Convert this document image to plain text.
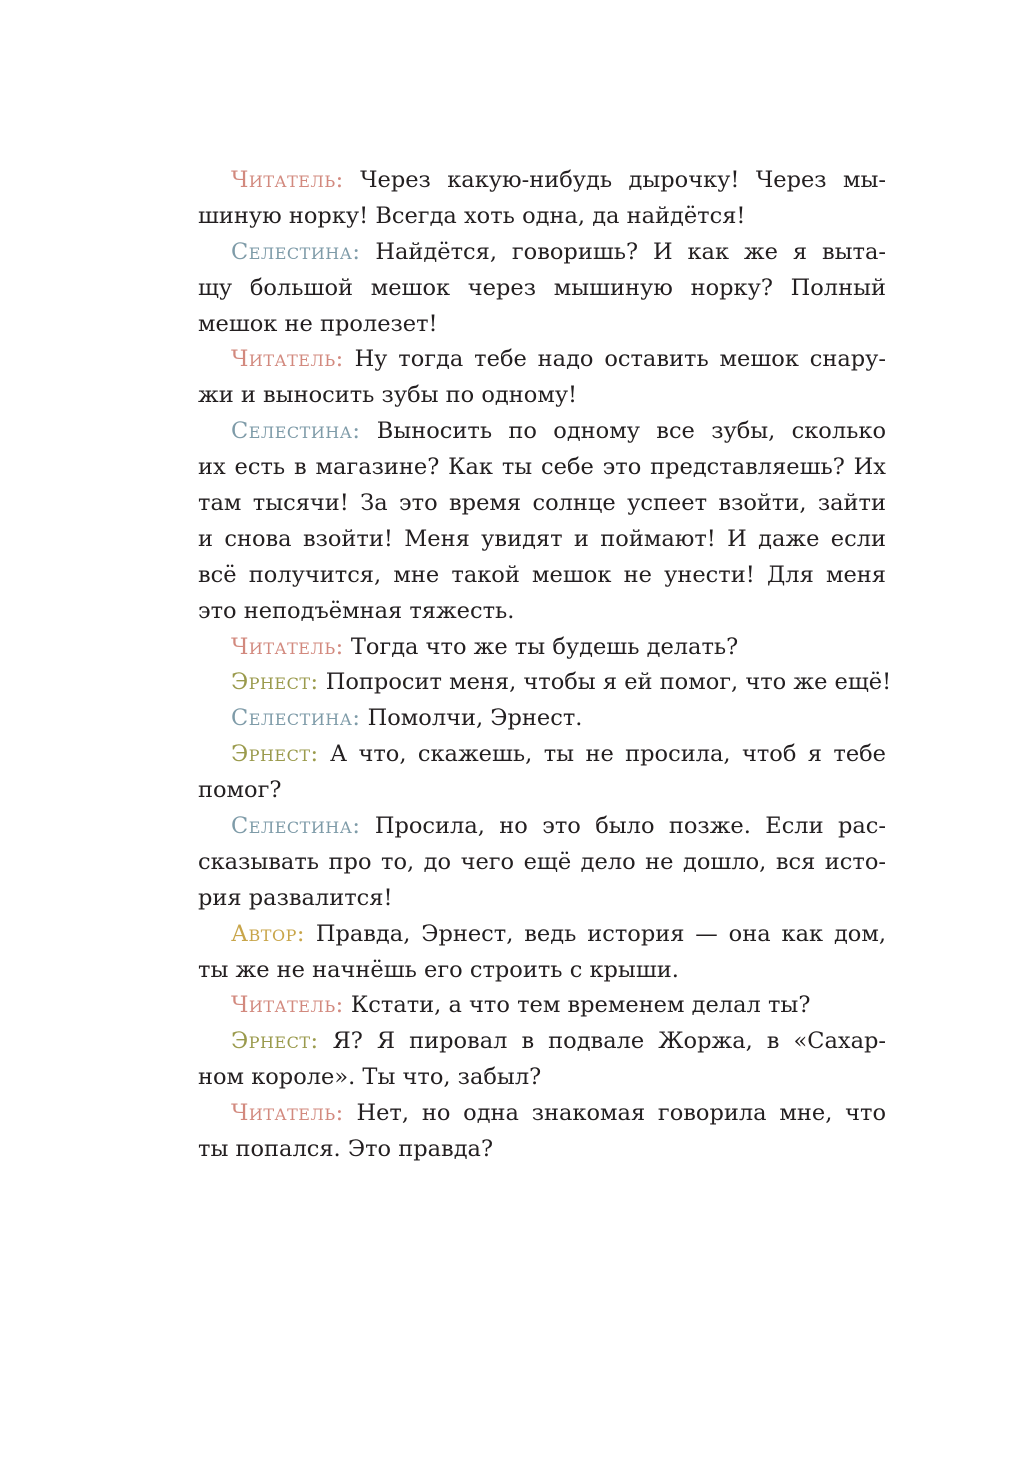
Читатель: Через какую-нибудь дырочку! Через мы-
шиную норку! Всегда хоть одна, да найдётся!
Селестина: Найдётся, говоришь? И как же я выта-
щу большой мешок через мышиную норку? Полный
мешок не пролезет!
Читатель: Ну тогда тебе надо оставить мешок снару-
жи и выносить зубы по одному!
Селестина: Выносить по одному все зубы, сколько
их есть в магазине? Как ты себе это представляешь? Их
там тысячи! За это время солнце успеет взойти, зайти
и снова взойти! Меня увидят и поймают! И даже если
всё получится, мне такой мешок не унести! Для меня
это неподъёмная тяжесть.
Читатель: Тогда что же ты будешь делать?
Эрнест: Попросит меня, чтобы я ей помог, что же ещё!
Селестина: Помолчи, Эрнест.
Эрнест: А что, скажешь, ты не просила, чтоб я тебе
помог?
Селестина: Просила, но это было позже. Если рас-
сказывать про то, до чего ещё дело не дошло, вся исто-
рия развалится!
Автор: Правда, Эрнест, ведь история — она как дом,
ты же не начнёшь его строить с крыши.
Читатель: Кстати, а что тем временем делал ты?
Эрнест: Я? Я пировал в подвале Жоржа, в «Сахар-
ном короле». Ты что, забыл?
Читатель: Нет, но одна знакомая говорила мне, что
ты попался. Это правда?
